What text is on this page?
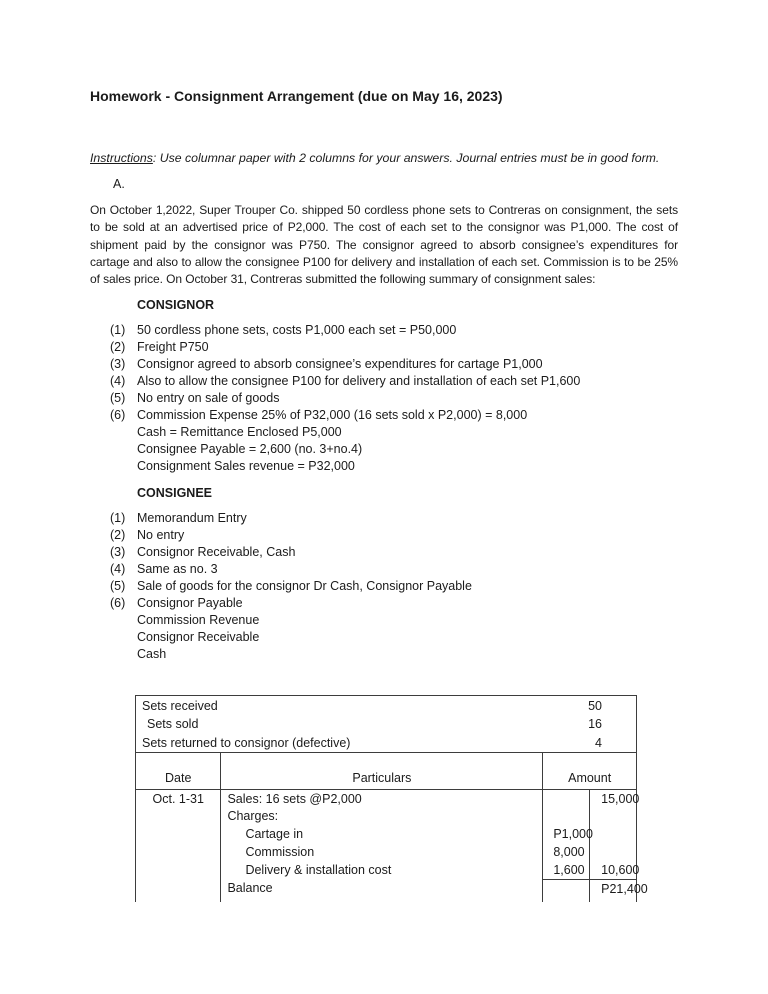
Homework - Consignment Arrangement (due on May 16, 2023)
Instructions: Use columnar paper with 2 columns for your answers. Journal entries must be in good form.
A.

On October 1,2022, Super Trouper Co. shipped 50 cordless phone sets to Contreras on consignment, the sets to be sold at an advertised price of P2,000. The cost of each set to the consignor was P1,000. The cost of shipment paid by the consignor was P750. The consignor agreed to absorb consignee’s expenditures for cartage and also to allow the consignee P100 for delivery and installation of each set. Commission is to be 25% of sales price. On October 31, Contreras submitted the following summary of consignment sales:

CONSIGNOR
(1) 50 cordless phone sets, costs P1,000 each set = P50,000
(2) Freight P750
(3) Consignor agreed to absorb consignee’s expenditures for cartage P1,000
(4) Also to allow the consignee P100 for delivery and installation of each set P1,600
(5) No entry on sale of goods
(6) Commission Expense 25% of P32,000 (16 sets sold x P2,000) = 8,000
Cash = Remittance Enclosed P5,000
Consignee Payable = 2,600 (no. 3+no.4)
Consignment Sales revenue = P32,000
CONSIGNEE
(1) Memorandum Entry
(2) No entry
(3) Consignor Receivable, Cash
(4) Same as no. 3
(5) Sale of goods for the consignor Dr Cash, Consignor Payable
(6) Consignor Payable
Commission Revenue
Consignor Receivable
Cash
Sets received	50
Sets sold	16
Sets returned to consignor (defective)	4
Date	Particulars	Amount	
Oct. 1-31	Sales: 16 sets @P2,000		15,000

	Charges:	

	Cartage in	P 1,000	

	Commission	8,000	

	Delivery & installation cost	1,600	10,600

	Balance		P 21,400
